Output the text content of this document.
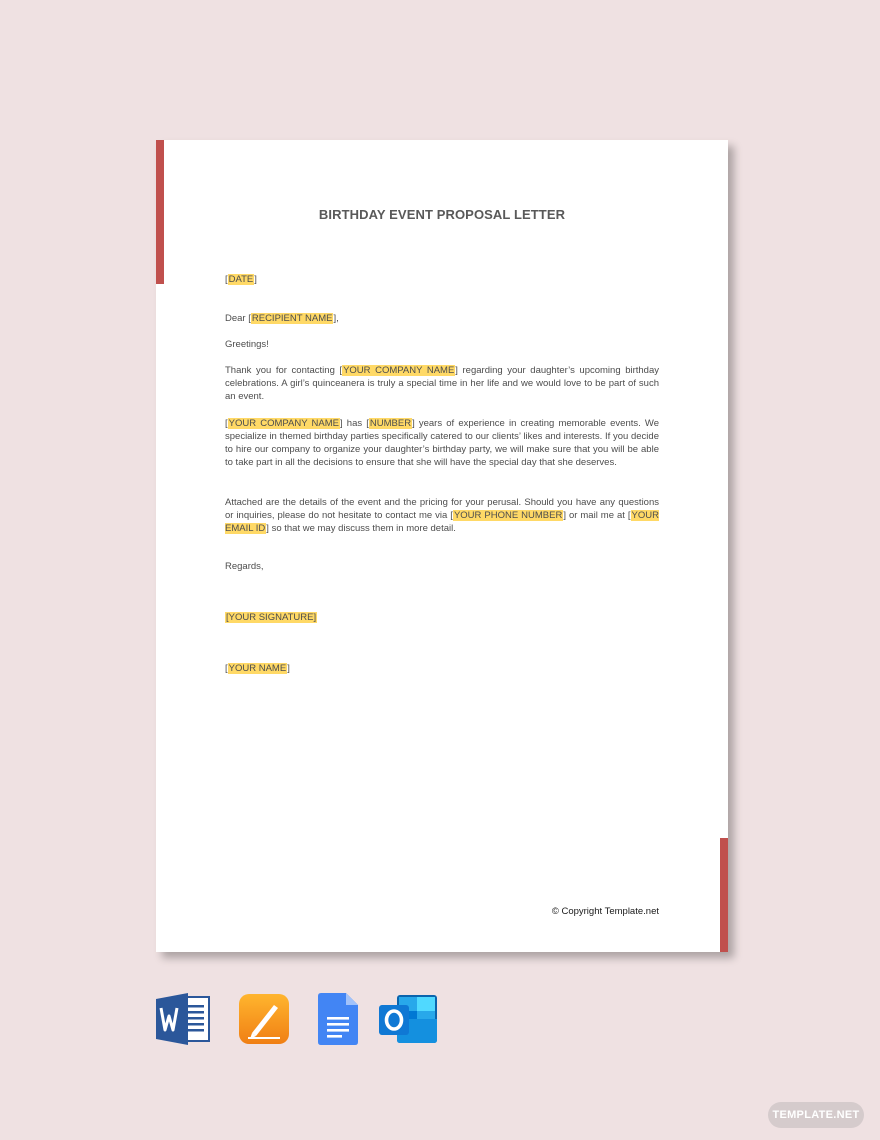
BIRTHDAY EVENT PROPOSAL LETTER
[DATE]
Dear [RECIPIENT NAME],
Greetings!
Thank you for contacting [YOUR COMPANY NAME] regarding your daughter’s upcoming birthday celebrations. A girl’s quinceanera is truly a special time in her life and we would love to be part of such an event.
[YOUR COMPANY NAME] has [NUMBER] years of experience in creating memorable events. We specialize in themed birthday parties specifically catered to our clients’ likes and interests. If you decide to hire our company to organize your daughter’s birthday party, we will make sure that you will be able to take part in all the decisions to ensure that she will have the special day that she deserves.
Attached are the details of the event and the pricing for your perusal. Should you have any questions or inquiries, please do not hesitate to contact me via [YOUR PHONE NUMBER] or mail me at [YOUR EMAIL ID] so that we may discuss them in more detail.
Regards,
[YOUR SIGNATURE]
[YOUR NAME]
© Copyright Template.net
TEMPLATE.NET
